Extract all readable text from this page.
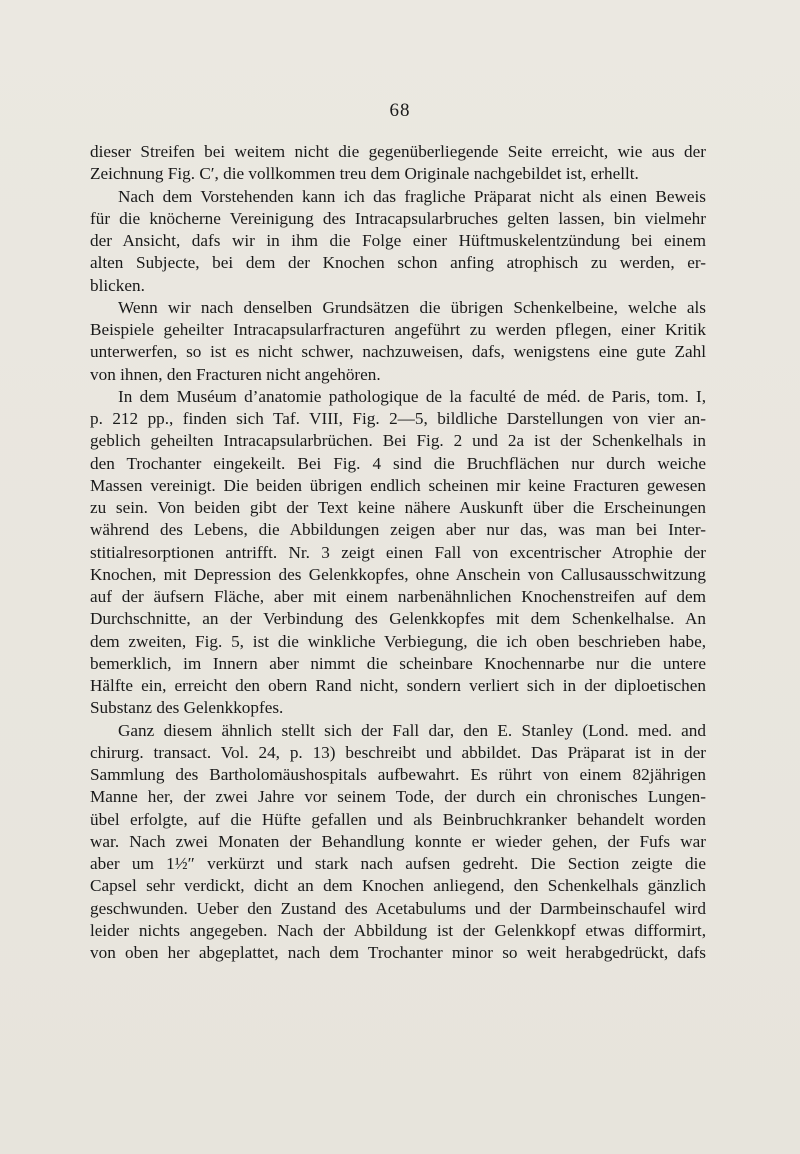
68
dieser Streifen bei weitem nicht die gegenüberliegende Seite erreicht, wie aus der
Zeichnung Fig. C′, die vollkommen treu dem Originale nachgebildet ist, erhellt.
Nach dem Vorstehenden kann ich das fragliche Präparat nicht als einen Beweis
für die knöcherne Vereinigung des Intracapsularbruches gelten lassen, bin vielmehr
der Ansicht, dafs wir in ihm die Folge einer Hüftmuskelentzündung bei einem
alten Subjecte, bei dem der Knochen schon anfing atrophisch zu werden, er-
blicken.
Wenn wir nach denselben Grundsätzen die übrigen Schenkelbeine, welche als
Beispiele geheilter Intracapsularfracturen angeführt zu werden pflegen, einer Kritik
unterwerfen, so ist es nicht schwer, nachzuweisen, dafs, wenigstens eine gute Zahl
von ihnen, den Fracturen nicht angehören.
In dem Muséum d’anatomie pathologique de la faculté de méd. de Paris, tom. I,
p. 212 pp., finden sich Taf. VIII, Fig. 2—5, bildliche Darstellungen von vier an-
geblich geheilten Intracapsularbrüchen. Bei Fig. 2 und 2a ist der Schenkelhals in
den Trochanter eingekeilt. Bei Fig. 4 sind die Bruchflächen nur durch weiche
Massen vereinigt. Die beiden übrigen endlich scheinen mir keine Fracturen gewesen
zu sein. Von beiden gibt der Text keine nähere Auskunft über die Erscheinungen
während des Lebens, die Abbildungen zeigen aber nur das, was man bei Inter-
stitialresorptionen antrifft. Nr. 3 zeigt einen Fall von excentrischer Atrophie der
Knochen, mit Depression des Gelenkkopfes, ohne Anschein von Callusausschwitzung
auf der äufsern Fläche, aber mit einem narbenähnlichen Knochenstreifen auf dem
Durchschnitte, an der Verbindung des Gelenkkopfes mit dem Schenkelhalse. An
dem zweiten, Fig. 5, ist die winkliche Verbiegung, die ich oben beschrieben habe,
bemerklich, im Innern aber nimmt die scheinbare Knochennarbe nur die untere
Hälfte ein, erreicht den obern Rand nicht, sondern verliert sich in der diploetischen
Substanz des Gelenkkopfes.
Ganz diesem ähnlich stellt sich der Fall dar, den E. Stanley (Lond. med. and
chirurg. transact. Vol. 24, p. 13) beschreibt und abbildet. Das Präparat ist in der
Sammlung des Bartholomäushospitals aufbewahrt. Es rührt von einem 82jährigen
Manne her, der zwei Jahre vor seinem Tode, der durch ein chronisches Lungen-
übel erfolgte, auf die Hüfte gefallen und als Beinbruchkranker behandelt worden
war. Nach zwei Monaten der Behandlung konnte er wieder gehen, der Fufs war
aber um 1½″ verkürzt und stark nach aufsen gedreht. Die Section zeigte die
Capsel sehr verdickt, dicht an dem Knochen anliegend, den Schenkelhals gänzlich
geschwunden. Ueber den Zustand des Acetabulums und der Darmbeinschaufel wird
leider nichts angegeben. Nach der Abbildung ist der Gelenkkopf etwas difformirt,
von oben her abgeplattet, nach dem Trochanter minor so weit herabgedrückt, dafs
